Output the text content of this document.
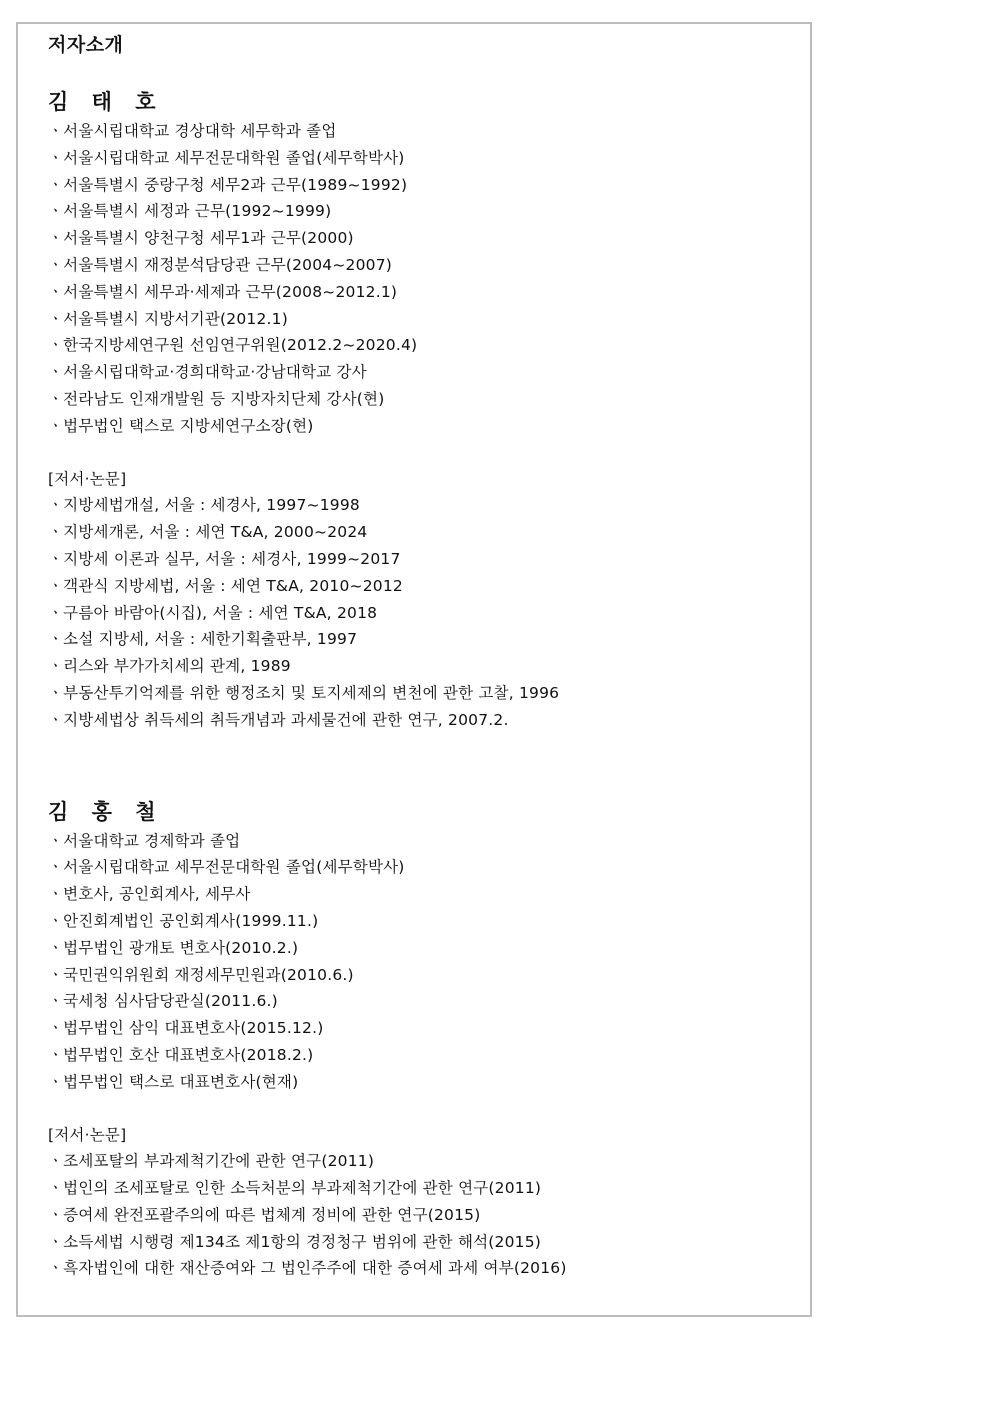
저자소개
김 태 호
ㆍ서울시립대학교 경상대학 세무학과 졸업
ㆍ서울시립대학교 세무전문대학원 졸업(세무학박사)
ㆍ서울특별시 중랑구청 세무2과 근무(1989~1992)
ㆍ서울특별시 세정과 근무(1992~1999)
ㆍ서울특별시 양천구청 세무1과 근무(2000)
ㆍ서울특별시 재정분석담당관 근무(2004~2007)
ㆍ서울특별시 세무과·세제과 근무(2008~2012.1)
ㆍ서울특별시 지방서기관(2012.1)
ㆍ한국지방세연구원 선임연구위원(2012.2~2020.4)
ㆍ서울시립대학교·경희대학교·강남대학교 강사
ㆍ전라남도 인재개발원 등 지방자치단체 강사(현)
ㆍ법무법인 택스로 지방세연구소장(현)

[저서·논문]

ㆍ지방세법개설, 서울 : 세경사, 1997~1998
ㆍ지방세개론, 서울 : 세연 T&A, 2000~2024
ㆍ지방세 이론과 실무, 서울 : 세경사, 1999~2017
ㆍ객관식 지방세법, 서울 : 세연 T&A, 2010~2012
ㆍ구름아 바람아(시집), 서울 : 세연 T&A, 2018
ㆍ소설 지방세, 서울 : 세한기획출판부, 1997
ㆍ리스와 부가가치세의 관계, 1989
ㆍ부동산투기억제를 위한 행정조치 및 토지세제의 변천에 관한 고찰, 1996
ㆍ지방세법상 취득세의 취득개념과 과세물건에 관한 연구, 2007.2.
김 홍 철
ㆍ서울대학교 경제학과 졸업
ㆍ서울시립대학교 세무전문대학원 졸업(세무학박사)
ㆍ변호사, 공인회계사, 세무사
ㆍ안진회계법인 공인회계사(1999.11.)
ㆍ법무법인 광개토 변호사(2010.2.)
ㆍ국민권익위원회 재정세무민원과(2010.6.)
ㆍ국세청 심사담당관실(2011.6.)
ㆍ법무법인 삼익 대표변호사(2015.12.)
ㆍ법무법인 호산 대표변호사(2018.2.)
ㆍ법무법인 택스로 대표변호사(현재)

[저서·논문]

ㆍ조세포탈의 부과제척기간에 관한 연구(2011)
ㆍ법인의 조세포탈로 인한 소득처분의 부과제척기간에 관한 연구(2011)
ㆍ증여세 완전포괄주의에 따른 법체계 정비에 관한 연구(2015)
ㆍ소득세법 시행령 제134조 제1항의 경정청구 범위에 관한 해석(2015)
ㆍ흑자법인에 대한 재산증여와 그 법인주주에 대한 증여세 과세 여부(2016)
